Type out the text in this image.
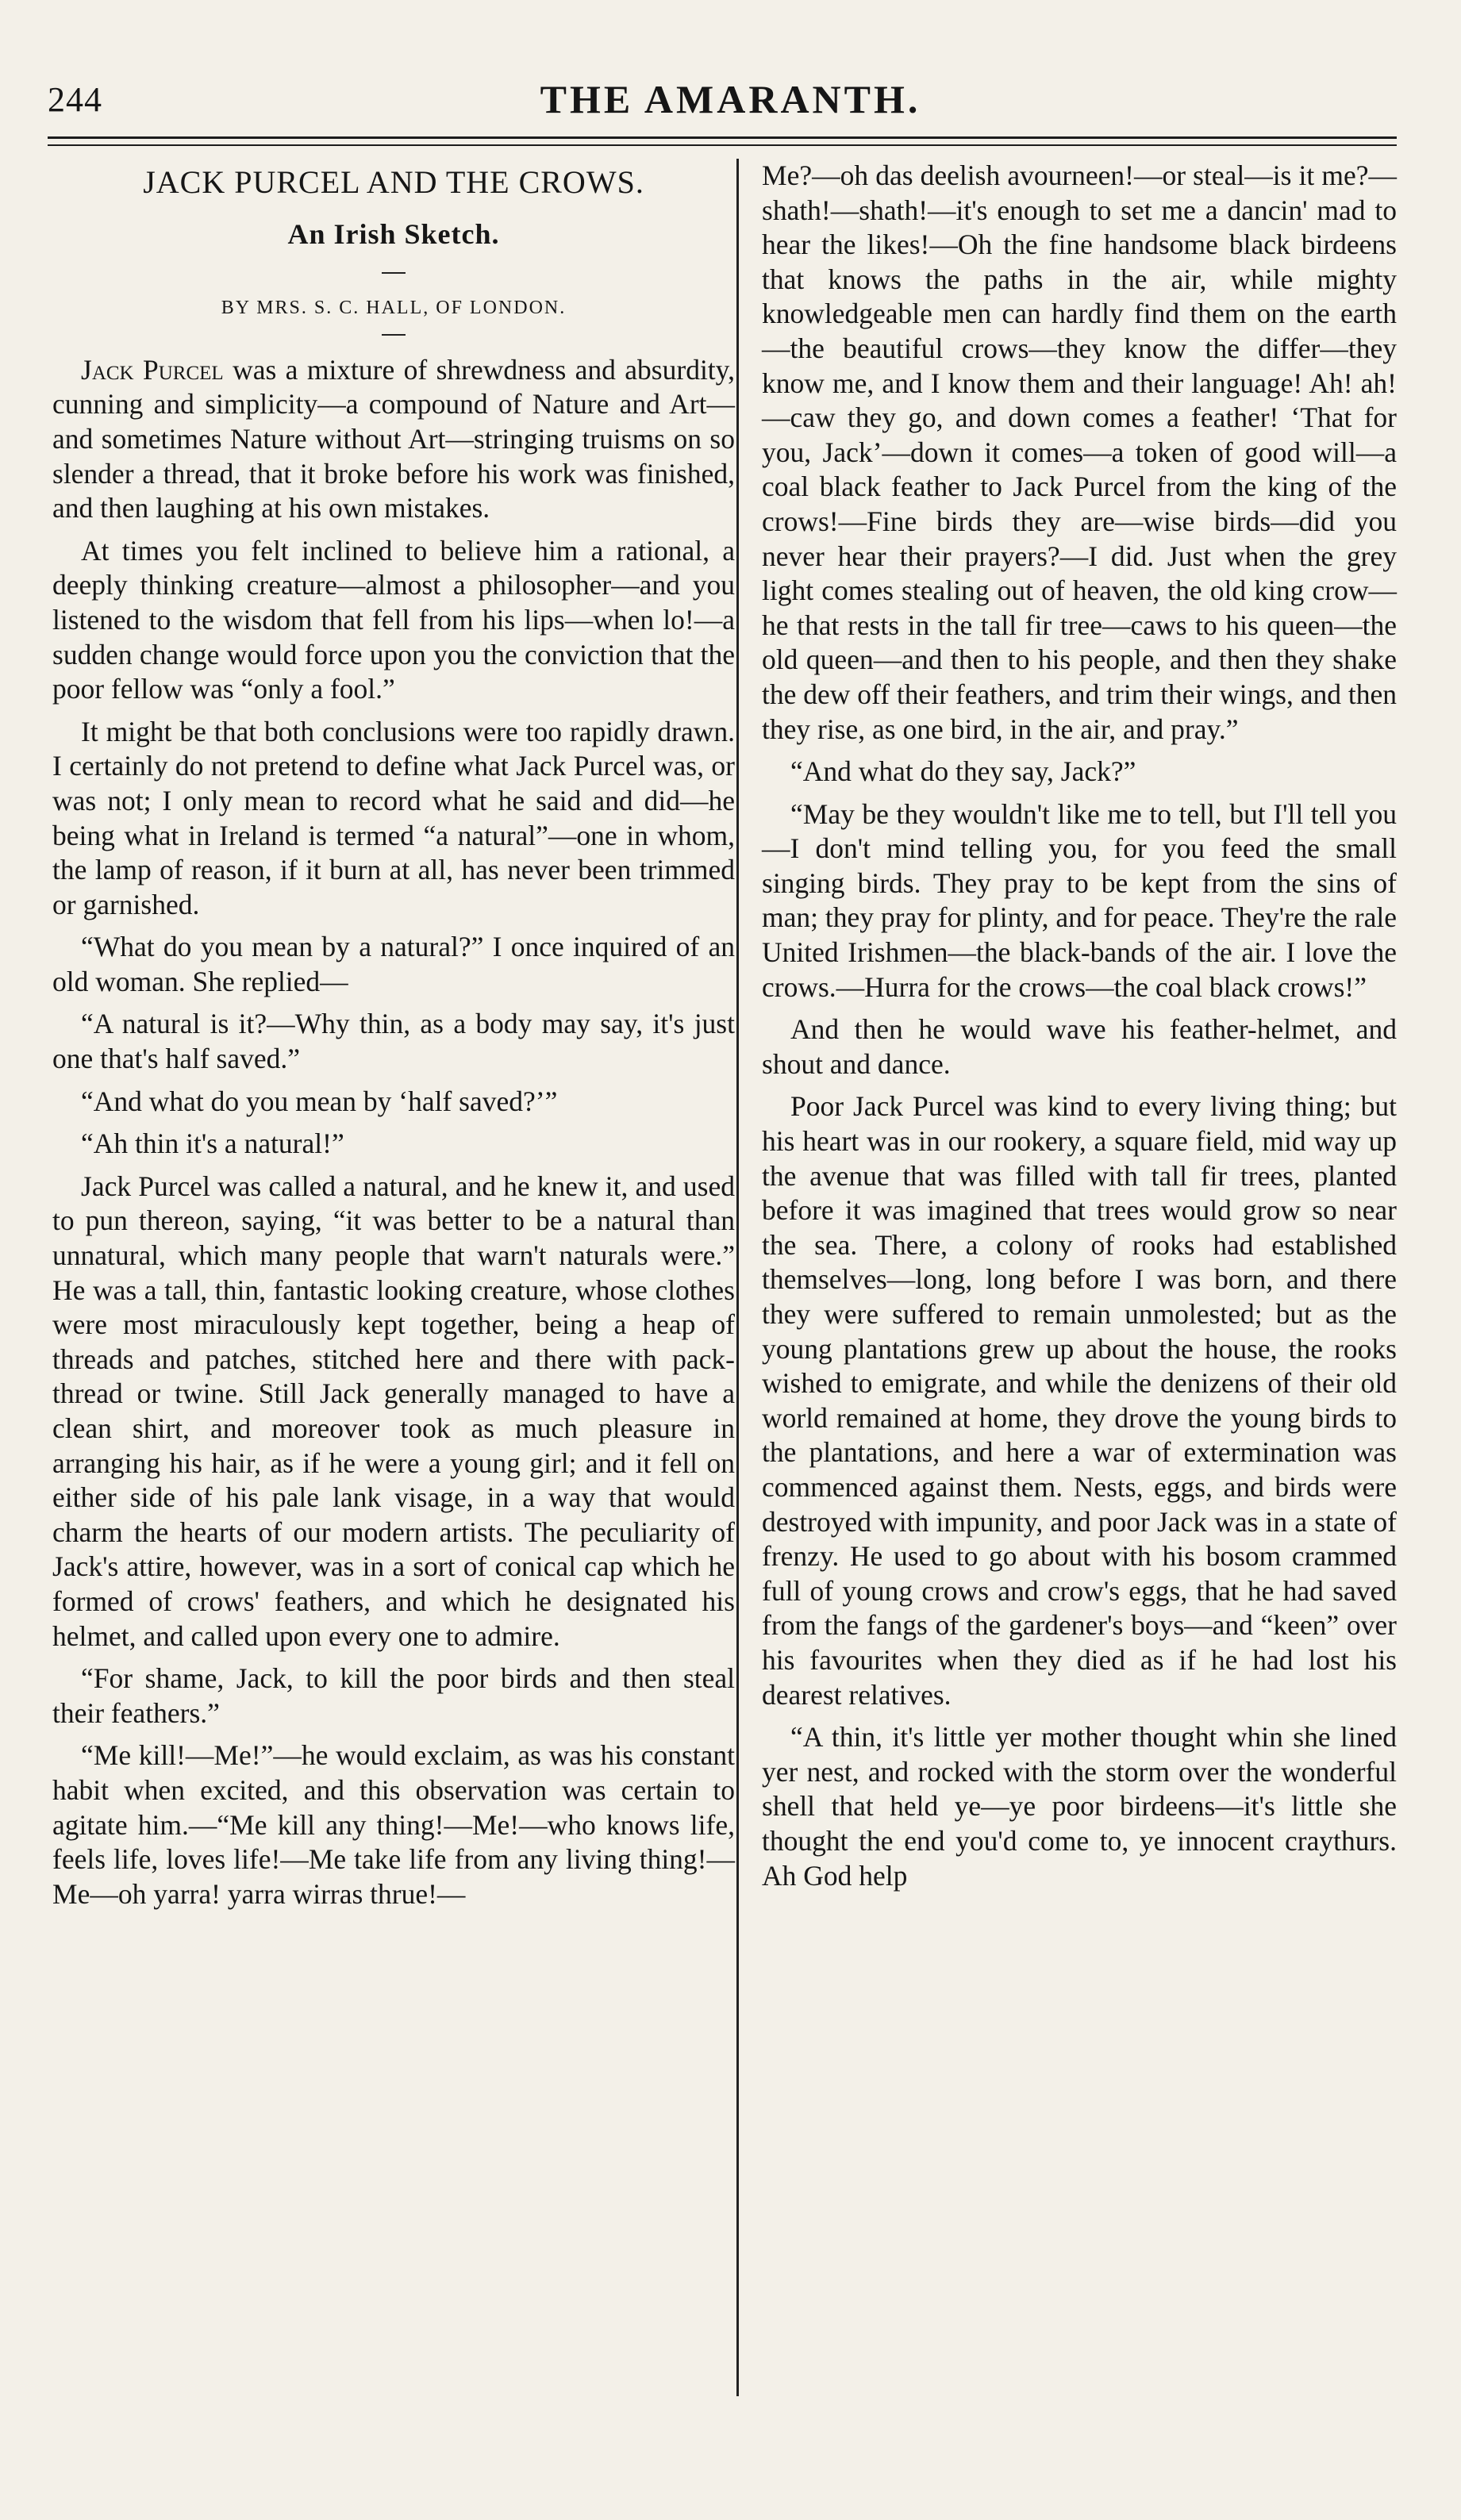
244	THE AMARANTH.
JACK PURCEL AND THE CROWS.
An Irish Sketch.
BY MRS. S. C. HALL, OF LONDON.

Jack Purcel was a mixture of shrewdness and absurdity, cunning and simplicity—a compound of Nature and Art—and sometimes Nature without Art—stringing truisms on so slender a thread, that it broke before his work was finished, and then laughing at his own mistakes.

At times you felt inclined to believe him a rational, a deeply thinking creature—almost a philosopher—and you listened to the wisdom that fell from his lips—when lo!—a sudden change would force upon you the conviction that the poor fellow was “only a fool.”

It might be that both conclusions were too rapidly drawn. I certainly do not pretend to define what Jack Purcel was, or was not; I only mean to record what he said and did—he being what in Ireland is termed “a natural”—one in whom, the lamp of reason, if it burn at all, has never been trimmed or garnished.

“What do you mean by a natural?” I once inquired of an old woman. She replied—

“A natural is it?—Why thin, as a body may say, it's just one that's half saved.”

“And what do you mean by ‘half saved?’”

“Ah thin it's a natural!”

Jack Purcel was called a natural, and he knew it, and used to pun thereon, saying, “it was better to be a natural than unnatural, which many people that warn't naturals were.” He was a tall, thin, fantastic looking creature, whose clothes were most miraculously kept together, being a heap of threads and patches, stitched here and there with pack-thread or twine. Still Jack generally managed to have a clean shirt, and moreover took as much pleasure in arranging his hair, as if he were a young girl; and it fell on either side of his pale lank visage, in a way that would charm the hearts of our modern artists. The peculiarity of Jack's attire, however, was in a sort of conical cap which he formed of crows' feathers, and which he designated his helmet, and called upon every one to admire.

“For shame, Jack, to kill the poor birds and then steal their feathers.”

“Me kill!—Me!”—he would exclaim, as was his constant habit when excited, and this observation was certain to agitate him.—“Me kill any thing!—Me!—who knows life, feels life, loves life!—Me take life from any living thing!—Me—oh yarra! yarra wirras thrue!—

Me?—oh das deelish avourneen!—or steal—is it me?—shath!—shath!—it's enough to set me a dancin' mad to hear the likes!—Oh the fine handsome black birdeens that knows the paths in the air, while mighty knowledgeable men can hardly find them on the earth—the beautiful crows—they know the differ—they know me, and I know them and their language! Ah! ah!—caw they go, and down comes a feather! ‘That for you, Jack’—down it comes—a token of good will—a coal black feather to Jack Purcel from the king of the crows!—Fine birds they are—wise birds—did you never hear their prayers?—I did. Just when the grey light comes stealing out of heaven, the old king crow—he that rests in the tall fir tree—caws to his queen—the old queen—and then to his people, and then they shake the dew off their feathers, and trim their wings, and then they rise, as one bird, in the air, and pray.”

“And what do they say, Jack?”

“May be they wouldn't like me to tell, but I'll tell you—I don't mind telling you, for you feed the small singing birds. They pray to be kept from the sins of man; they pray for plinty, and for peace. They're the rale United Irishmen—the black-bands of the air. I love the crows.—Hurra for the crows—the coal black crows!”

And then he would wave his feather-helmet, and shout and dance.

Poor Jack Purcel was kind to every living thing; but his heart was in our rookery, a square field, mid way up the avenue that was filled with tall fir trees, planted before it was imagined that trees would grow so near the sea. There, a colony of rooks had established themselves—long, long before I was born, and there they were suffered to remain unmolested; but as the young plantations grew up about the house, the rooks wished to emigrate, and while the denizens of their old world remained at home, they drove the young birds to the plantations, and here a war of extermination was commenced against them. Nests, eggs, and birds were destroyed with impunity, and poor Jack was in a state of frenzy. He used to go about with his bosom crammed full of young crows and crow's eggs, that he had saved from the fangs of the gardener's boys—and “keen” over his favourites when they died as if he had lost his dearest relatives.

“A thin, it's little yer mother thought whin she lined yer nest, and rocked with the storm over the wonderful shell that held ye—ye poor birdeens—it's little she thought the end you'd come to, ye innocent craythurs. Ah God help
